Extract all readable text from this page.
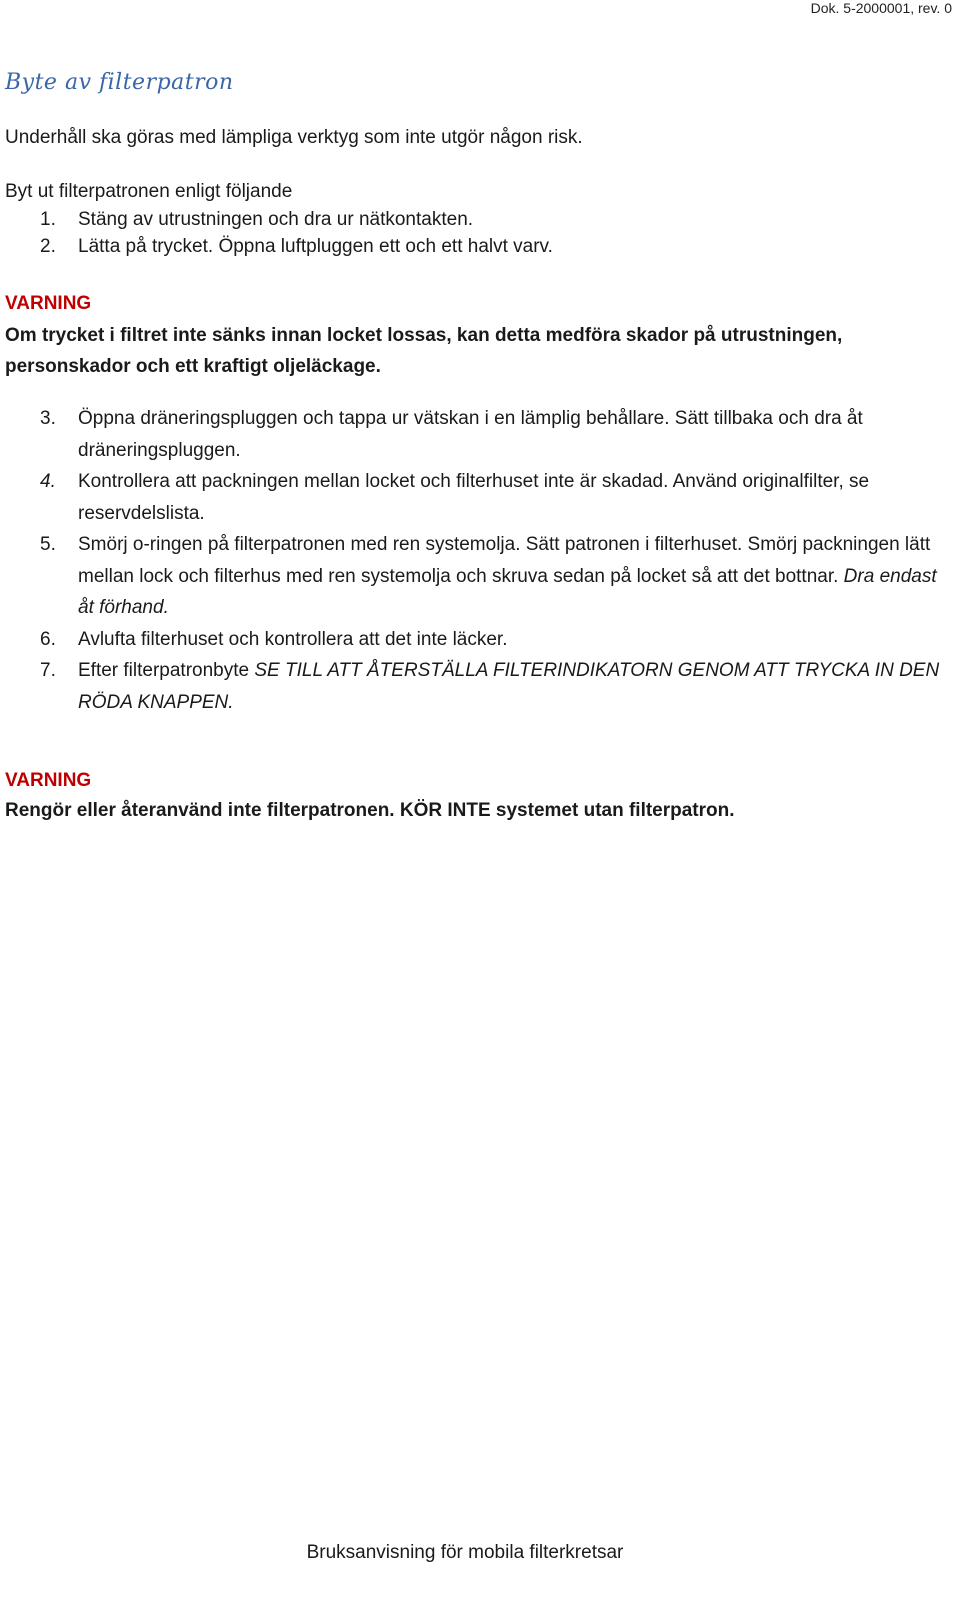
Dok. 5-2000001, rev. 0
Byte av filterpatron

Underhåll ska göras med lämpliga verktyg som inte utgör någon risk.

Byt ut filterpatronen enligt följande

1. Stäng av utrustningen och dra ur nätkontakten.
2. Lätta på trycket. Öppna luftpluggen ett och ett halvt varv.
VARNING
Om trycket i filtret inte sänks innan locket lossas, kan detta medföra skador på utrustningen, personskador och ett kraftigt oljeläckage.
3. Öppna dräneringspluggen och tappa ur vätskan i en lämplig behållare. Sätt tillbaka och dra åt dräneringspluggen.
4. Kontrollera att packningen mellan locket och filterhuset inte är skadad. Använd originalfilter, se reservdelslista.
5. Smörj o-ringen på filterpatronen med ren systemolja. Sätt patronen i filterhuset. Smörj packningen lätt mellan lock och filterhus med ren systemolja och skruva sedan på locket så att det bottnar. Dra endast åt förhand.
6. Avlufta filterhuset och kontrollera att det inte läcker.
7. Efter filterpatronbyte SE TILL ATT ÅTERSTÄLLA FILTERINDIKATORN GENOM ATT TRYCKA IN DEN RÖDA KNAPPEN.
VARNING
Rengör eller återanvänd inte filterpatronen. KÖR INTE systemet utan filterpatron.
Bruksanvisning för mobila filterkretsar
